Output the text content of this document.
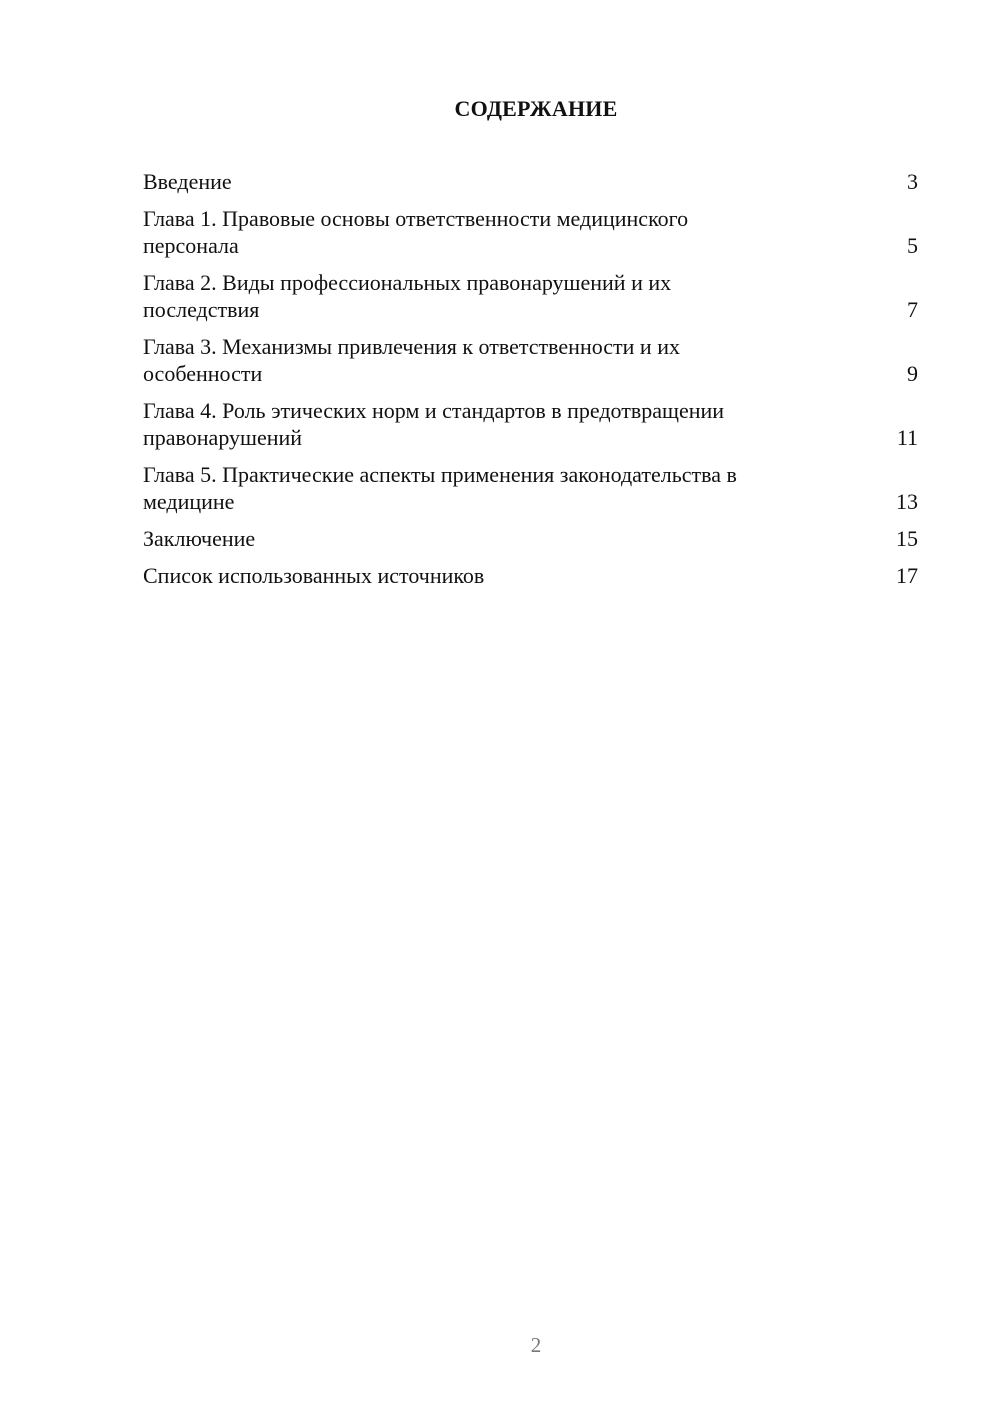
СОДЕРЖАНИЕ
Введение	3
Глава 1. Правовые основы ответственности медицинского
персонала	5
Глава 2. Виды профессиональных правонарушений и их
последствия	7
Глава 3. Механизмы привлечения к ответственности и их
особенности	9
Глава 4. Роль этических норм и стандартов в предотвращении
правонарушений	11
Глава 5. Практические аспекты применения законодательства в
медицине	13
Заключение	15
Список использованных источников	17
2
